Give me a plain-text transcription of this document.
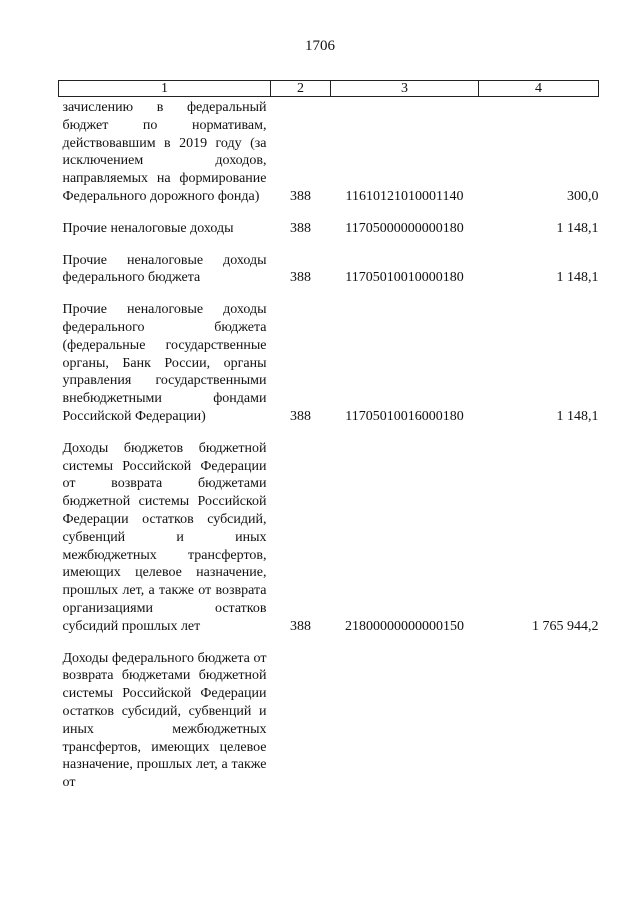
1706
1	2	3	4
зачислению в федеральный бюджет по нормативам, действовавшим в 2019 году (за исключением доходов, направляемых на формирование Федерального дорожного фонда)	388	11610121010001140	300,0
Прочие неналоговые доходы	388	11705000000000180	1 148,1
Прочие неналоговые доходы федерального бюджета	388	11705010010000180	1 148,1
Прочие неналоговые доходы федерального бюджета (федеральные государственные органы, Банк России, органы управления государственными внебюджетными фондами Российской Федерации)	388	11705010016000180	1 148,1
Доходы бюджетов бюджетной системы Российской Федерации от возврата бюджетами бюджетной системы Российской Федерации остатков субсидий, субвенций и иных межбюджетных трансфертов, имеющих целевое назначение, прошлых лет, а также от возврата организациями остатков субсидий прошлых лет	388	21800000000000150	1 765 944,2
Доходы федерального бюджета от возврата бюджетами бюджетной системы Российской Федерации остатков субсидий, субвенций и иных межбюджетных трансфертов, имеющих целевое назначение, прошлых лет, а также от			
